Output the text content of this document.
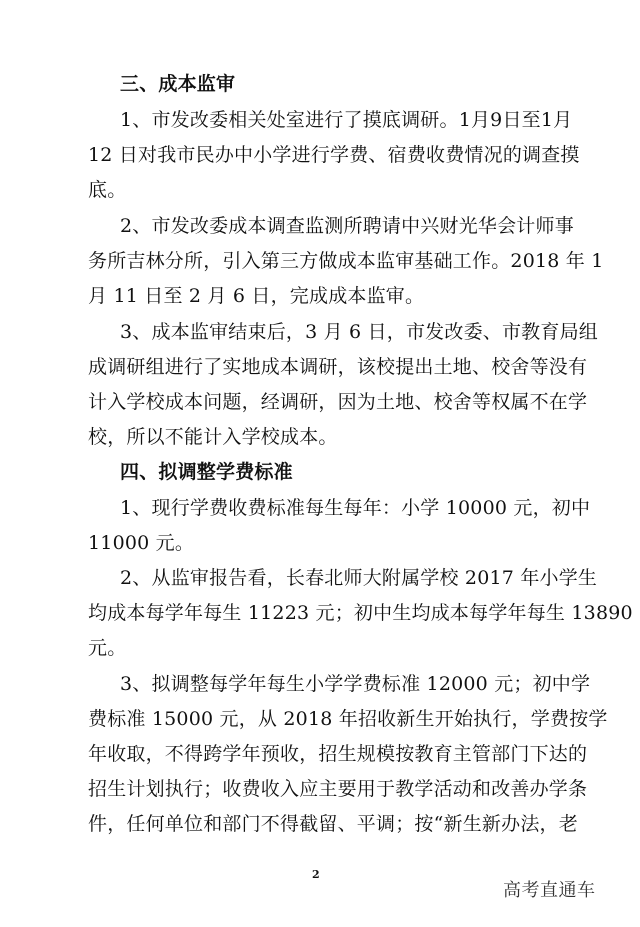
三、成本监审
1、市发改委相关处室进行了摸底调研。1月9日至1月
12 日对我市民办中小学进行学费、宿费收费情况的调查摸
底。
2、市发改委成本调查监测所聘请中兴财光华会计师事
务所吉林分所，引入第三方做成本监审基础工作。2018 年 1
月 11 日至 2 月 6 日，完成成本监审。
3、成本监审结束后，3 月 6 日，市发改委、市教育局组
成调研组进行了实地成本调研，该校提出土地、校舍等没有
计入学校成本问题，经调研，因为土地、校舍等权属不在学
校，所以不能计入学校成本。
四、拟调整学费标准
1、现行学费收费标准每生每年：小学 10000 元，初中
11000 元。
2、从监审报告看，长春北师大附属学校 2017 年小学生
均成本每学年每生 11223 元；初中生均成本每学年每生 13890
元。
3、拟调整每学年每生小学学费标准 12000 元；初中学
费标准 15000 元，从 2018 年招收新生开始执行，学费按学
年收取，不得跨学年预收，招生规模按教育主管部门下达的
招生计划执行；收费收入应主要用于教学活动和改善办学条
件，任何单位和部门不得截留、平调；按“新生新办法，老
2
高考直通车
